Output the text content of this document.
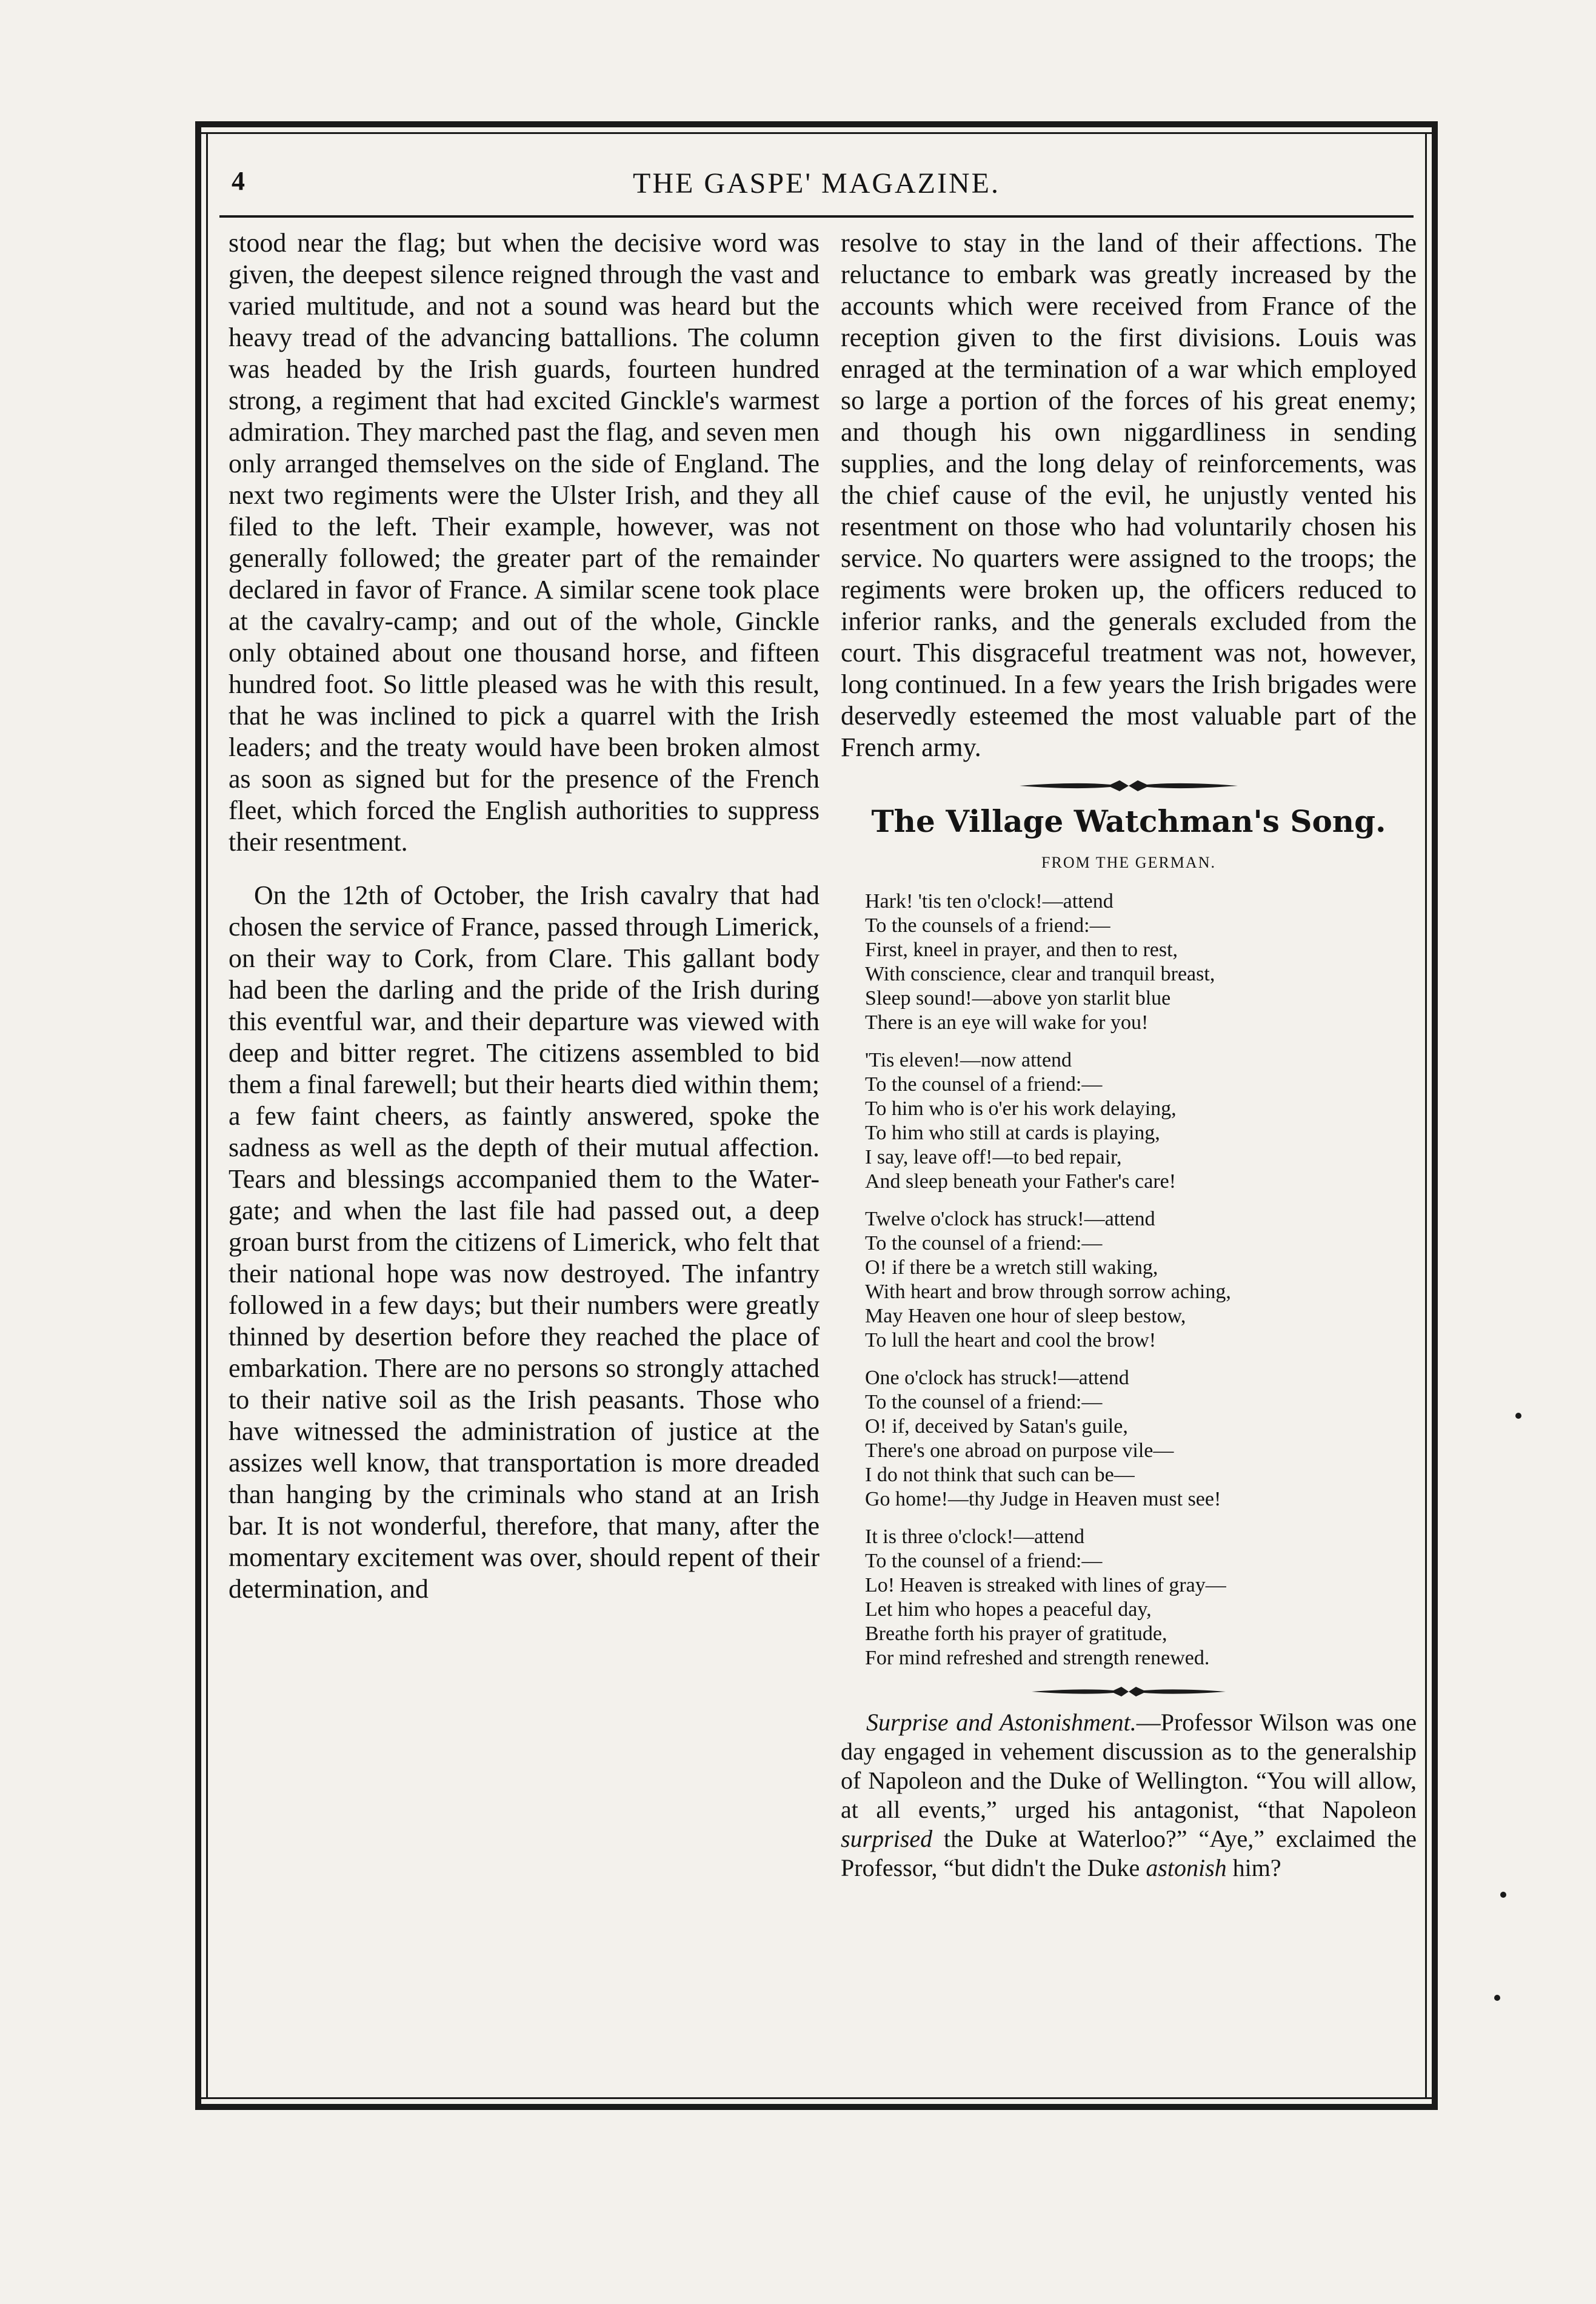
4	THE GASPE' MAGAZINE.

stood near the flag; but when the decisive word was given, the deepest silence reigned through the vast and varied multitude, and not a sound was heard but the heavy tread of the advancing battallions. The column was headed by the Irish guards, fourteen hundred strong, a regiment that had excited Ginckle's warmest admiration. They marched past the flag, and seven men only arranged themselves on the side of England. The next two regiments were the Ulster Irish, and they all filed to the left. Their example, however, was not generally followed; the greater part of the remainder declared in favor of France. A similar scene took place at the cavalry-camp; and out of the whole, Ginckle only obtained about one thousand horse, and fifteen hundred foot. So little pleased was he with this result, that he was inclined to pick a quarrel with the Irish leaders; and the treaty would have been broken almost as soon as signed but for the presence of the French fleet, which forced the English authorities to suppress their resentment.

On the 12th of October, the Irish cavalry that had chosen the service of France, passed through Limerick, on their way to Cork, from Clare. This gallant body had been the darling and the pride of the Irish during this eventful war, and their departure was viewed with deep and bitter regret. The citizens assembled to bid them a final farewell; but their hearts died within them; a few faint cheers, as faintly answered, spoke the sadness as well as the depth of their mutual affection. Tears and blessings accompanied them to the Water-gate; and when the last file had passed out, a deep groan burst from the citizens of Limerick, who felt that their national hope was now destroyed. The infantry followed in a few days; but their numbers were greatly thinned by desertion before they reached the place of embarkation. There are no persons so strongly attached to their native soil as the Irish peasants. Those who have witnessed the administration of justice at the assizes well know, that transportation is more dreaded than hanging by the criminals who stand at an Irish bar. It is not wonderful, therefore, that many, after the momentary excitement was over, should repent of their determination, and

resolve to stay in the land of their affections. The reluctance to embark was greatly increased by the accounts which were received from France of the reception given to the first divisions. Louis was enraged at the termination of a war which employed so large a portion of the forces of his great enemy; and though his own niggardliness in sending supplies, and the long delay of reinforcements, was the chief cause of the evil, he unjustly vented his resentment on those who had voluntarily chosen his service. No quarters were assigned to the troops; the regiments were broken up, the officers reduced to inferior ranks, and the generals excluded from the court. This disgraceful treatment was not, however, long continued. In a few years the Irish brigades were deservedly esteemed the most valuable part of the French army.

The Village Watchman's Song.

FROM THE GERMAN.

Hark! 'tis ten o'clock!—attend
To the counsels of a friend:—
First, kneel in prayer, and then to rest,
With conscience, clear and tranquil breast,
Sleep sound!—above yon starlit blue
There is an eye will wake for you!
'Tis eleven!—now attend
To the counsel of a friend:—
To him who is o'er his work delaying,
To him who still at cards is playing,
I say, leave off!—to bed repair,
And sleep beneath your Father's care!
Twelve o'clock has struck!—attend
To the counsel of a friend:—
O! if there be a wretch still waking,
With heart and brow through sorrow aching,
May Heaven one hour of sleep bestow,
To lull the heart and cool the brow!
One o'clock has struck!—attend
To the counsel of a friend:—
O! if, deceived by Satan's guile,
There's one abroad on purpose vile—
I do not think that such can be—
Go home!—thy Judge in Heaven must see!
It is three o'clock!—attend
To the counsel of a friend:—
Lo! Heaven is streaked with lines of gray—
Let him who hopes a peaceful day,
Breathe forth his prayer of gratitude,
For mind refreshed and strength renewed.

Surprise and Astonishment.—Professor Wilson was one day engaged in vehement discussion as to the generalship of Napoleon and the Duke of Wellington. “You will allow, at all events,” urged his antagonist, “that Napoleon surprised the Duke at Waterloo?” “Aye,” exclaimed the Professor, “but didn't the Duke astonish him?
